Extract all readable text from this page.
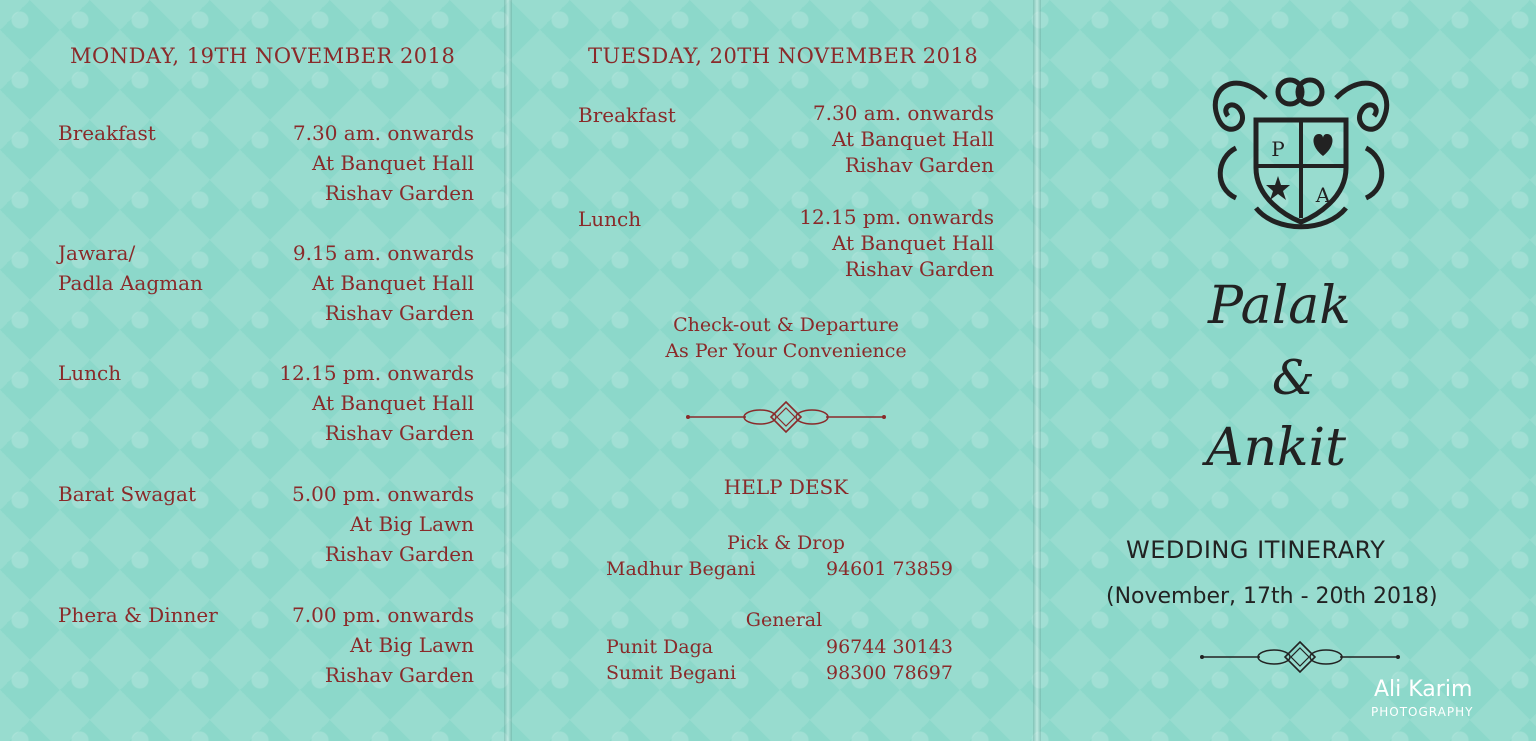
MONDAY, 19TH NOVEMBER 2018
Breakfast	7.30 am. onwards
At Banquet Hall
Rishav Garden
Jawara/
Padla Aagman
9.15 am. onwards
At Banquet Hall
Rishav Garden
Lunch	12.15 pm. onwards
At Banquet Hall
Rishav Garden
Barat Swagat	5.00 pm. onwards
At Big Lawn
Rishav Garden
Phera & Dinner	7.00 pm. onwards
At Big Lawn
Rishav Garden
TUESDAY, 20TH NOVEMBER 2018
Breakfast	7.30 am. onwards
At Banquet Hall
Rishav Garden
Lunch	12.15 pm. onwards
At Banquet Hall
Rishav Garden
Check-out & Departure
As Per Your Convenience
HELP DESK
Pick & Drop
Madhur Begani	94601 73859
General
Punit Daga	96744 30143
Sumit Begani	98300 78697
P
A
Palak
&
Ankit
WEDDING ITINERARY
(November, 17th - 20th 2018)
Ali Karim
PHOTOGRAPHY
